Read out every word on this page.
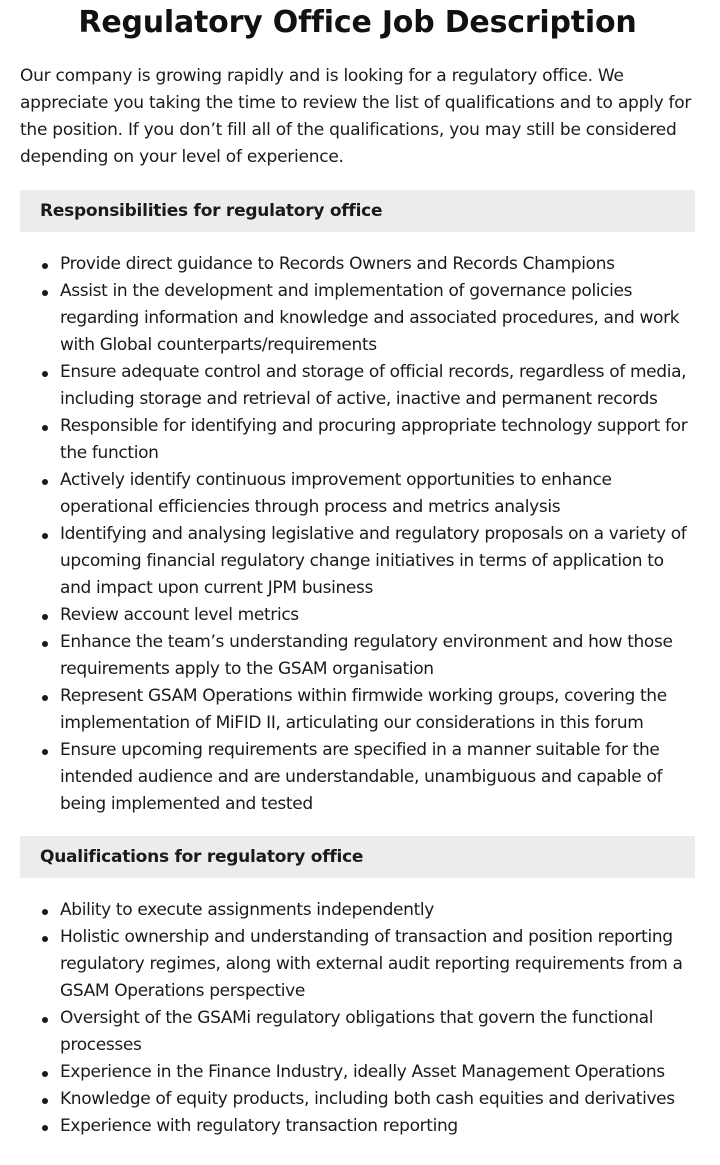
Regulatory Office Job Description

Our company is growing rapidly and is looking for a regulatory office. We appreciate you taking the time to review the list of qualifications and to apply for the position. If you don’t fill all of the qualifications, you may still be considered depending on your level of experience.

Responsibilities for regulatory office
Provide direct guidance to Records Owners and Records Champions
Assist in the development and implementation of governance policies regarding information and knowledge and associated procedures, and work with Global counterparts/requirements
Ensure adequate control and storage of official records, regardless of media, including storage and retrieval of active, inactive and permanent records
Responsible for identifying and procuring appropriate technology support for the function
Actively identify continuous improvement opportunities to enhance operational efficiencies through process and metrics analysis
Identifying and analysing legislative and regulatory proposals on a variety of upcoming financial regulatory change initiatives in terms of application to and impact upon current JPM business
Review account level metrics
Enhance the team’s understanding regulatory environment and how those requirements apply to the GSAM organisation
Represent GSAM Operations within firmwide working groups, covering the implementation of MiFID II, articulating our considerations in this forum
Ensure upcoming requirements are specified in a manner suitable for the intended audience and are understandable, unambiguous and capable of being implemented and tested
Qualifications for regulatory office
Ability to execute assignments independently
Holistic ownership and understanding of transaction and position reporting regulatory regimes, along with external audit reporting requirements from a GSAM Operations perspective
Oversight of the GSAMi regulatory obligations that govern the functional processes
Experience in the Finance Industry, ideally Asset Management Operations
Knowledge of equity products, including both cash equities and derivatives
Experience with regulatory transaction reporting
